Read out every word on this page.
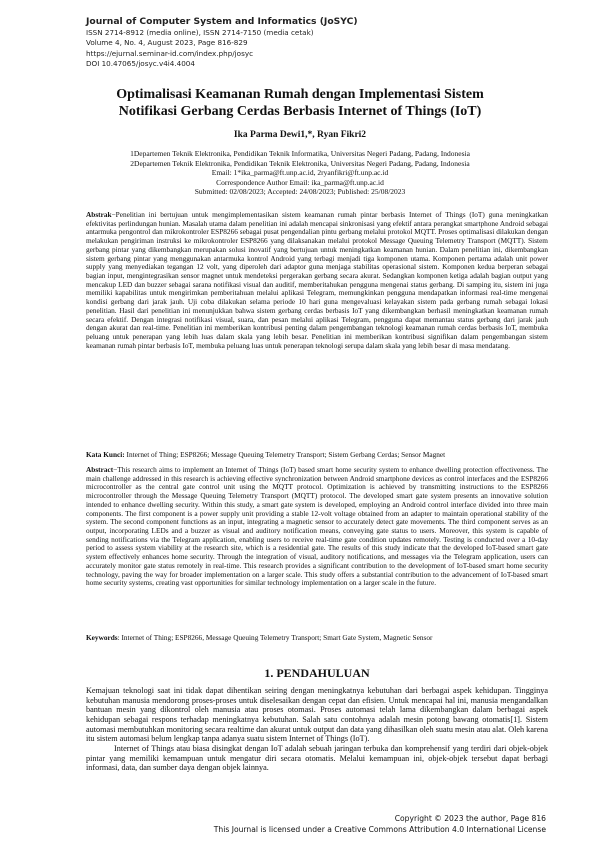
Journal of Computer System and Informatics (JoSYC)
ISSN 2714-8912 (media online), ISSN 2714-7150 (media cetak)
Volume 4, No. 4, August 2023, Page 816-829
https://ejurnal.seminar-id.com/index.php/josyc
DOI 10.47065/josyc.v4i4.4004
Optimalisasi Keamanan Rumah dengan Implementasi Sistem
Notifikasi Gerbang Cerdas Berbasis Internet of Things (IoT)
Ika Parma Dewi1,*, Ryan Fikri2
1Departemen Teknik Elektronika, Pendidikan Teknik Informatika, Universitas Negeri Padang, Padang, Indonesia
2Departemen Teknik Elektronika, Pendidikan Teknik Elektronika, Universitas Negeri Padang, Padang, Indonesia
Email: 1*ika_parma@ft.unp.ac.id, 2ryanfikri@ft.unp.ac.id
Correspondence Author Email: ika_parma@ft.unp.ac.id
Submitted: 02/08/2023; Accepted: 24/08/2023; Published: 25/08/2023
Abstrak−Penelitian ini bertujuan untuk mengimplementasikan sistem keamanan rumah pintar berbasis Internet of Things (IoT) guna meningkatkan efektivitas perlindungan hunian. Masalah utama dalam penelitian ini adalah mencapai sinkronisasi yang efektif antara perangkat smartphone Android sebagai antarmuka pengontrol dan mikrokontroler ESP8266 sebagai pusat pengendalian pintu gerbang melalui protokol MQTT. Proses optimalisasi dilakukan dengan melakukan pengiriman instruksi ke mikrokontroler ESP8266 yang dilaksanakan melalui protokol Message Queuing Telemetry Transport (MQTT). Sistem gerbang pintar yang dikembangkan merupakan solusi inovatif yang bertujuan untuk meningkatkan keamanan hunian. Dalam penelitian ini, dikembangkan sistem gerbang pintar yang menggunakan antarmuka kontrol Android yang terbagi menjadi tiga komponen utama. Komponen pertama adalah unit power supply yang menyediakan tegangan 12 volt, yang diperoleh dari adaptor guna menjaga stabilitas operasional sistem. Komponen kedua berperan sebagai bagian input, mengintegrasikan sensor magnet untuk mendeteksi pergerakan gerbang secara akurat. Sedangkan komponen ketiga adalah bagian output yang mencakup LED dan buzzer sebagai sarana notifikasi visual dan auditif, memberitahukan pengguna mengenai status gerbang. Di samping itu, sistem ini juga memiliki kapabilitas untuk mengirimkan pemberitahuan melalui aplikasi Telegram, memungkinkan pengguna mendapatkan informasi real-time mengenai kondisi gerbang dari jarak jauh. Uji coba dilakukan selama periode 10 hari guna mengevaluasi kelayakan sistem pada gerbang rumah sebagai lokasi penelitian. Hasil dari penelitian ini menunjukkan bahwa sistem gerbang cerdas berbasis IoT yang dikembangkan berhasil meningkatkan keamanan rumah secara efektif. Dengan integrasi notifikasi visual, suara, dan pesan melalui aplikasi Telegram, pengguna dapat memantau status gerbang dari jarak jauh dengan akurat dan real-time. Penelitian ini memberikan kontribusi penting dalam pengembangan teknologi keamanan rumah cerdas berbasis IoT, membuka peluang untuk penerapan yang lebih luas dalam skala yang lebih besar. Penelitian ini memberikan kontribusi signifikan dalam pengembangan sistem keamanan rumah pintar berbasis IoT, membuka peluang luas untuk penerapan teknologi serupa dalam skala yang lebih besar di masa mendatang.
Kata Kunci: Internet of Thing; ESP8266; Message Queuing Telemetry Transport; Sistem Gerbang Cerdas; Sensor Magnet
Abstract−This research aims to implement an Internet of Things (IoT) based smart home security system to enhance dwelling protection effectiveness. The main challenge addressed in this research is achieving effective synchronization between Android smartphone devices as control interfaces and the ESP8266 microcontroller as the central gate control unit using the MQTT protocol. Optimization is achieved by transmitting instructions to the ESP8266 microcontroller through the Message Queuing Telemetry Transport (MQTT) protocol. The developed smart gate system presents an innovative solution intended to enhance dwelling security. Within this study, a smart gate system is developed, employing an Android control interface divided into three main components. The first component is a power supply unit providing a stable 12-volt voltage obtained from an adapter to maintain operational stability of the system. The second component functions as an input, integrating a magnetic sensor to accurately detect gate movements. The third component serves as an output, incorporating LEDs and a buzzer as visual and auditory notification means, conveying gate status to users. Moreover, this system is capable of sending notifications via the Telegram application, enabling users to receive real-time gate condition updates remotely. Testing is conducted over a 10-day period to assess system viability at the research site, which is a residential gate. The results of this study indicate that the developed IoT-based smart gate system effectively enhances home security. Through the integration of visual, auditory notifications, and messages via the Telegram application, users can accurately monitor gate status remotely in real-time. This research provides a significant contribution to the development of IoT-based smart home security technology, paving the way for broader implementation on a larger scale. This study offers a substantial contribution to the advancement of IoT-based smart home security systems, creating vast opportunities for similar technology implementation on a larger scale in the future.
Keywords: Internet of Thing; ESP8266, Message Queuing Telemetry Transport; Smart Gate System, Magnetic Sensor
1. PENDAHULUAN

Kemajuan teknologi saat ini tidak dapat dihentikan seiring dengan meningkatnya kebutuhan dari berbagai aspek kehidupan. Tingginya kebutuhan manusia mendorong proses-proses untuk diselesaikan dengan cepat dan efisien. Untuk mencapai hal ini, manusia mengandalkan bantuan mesin yang dikontrol oleh manusia atau proses otomasi. Proses automasi telah lama dikembangkan dalam berbagai aspek kehidupan sebagai respons terhadap meningkatnya kebutuhan. Salah satu contohnya adalah mesin potong bawang otomatis[1]. Sistem automasi membutuhkan monitoring secara realtime dan akurat untuk output dan data yang dihasilkan oleh suatu mesin atau alat. Oleh karena itu sistem automasi belum lengkap tanpa adanya suatu sistem Internet of Things (IoT).

Internet of Things atau biasa disingkat dengan IoT adalah sebuah jaringan terbuka dan komprehensif yang terdiri dari objek-objek pintar yang memiliki kemampuan untuk mengatur diri secara otomatis. Melalui kemampuan ini, objek-objek tersebut dapat berbagi informasi, data, dan sumber daya dengan objek lainnya.

Copyright © 2023 the author, Page 816
This Journal is licensed under a Creative Commons Attribution 4.0 International License
